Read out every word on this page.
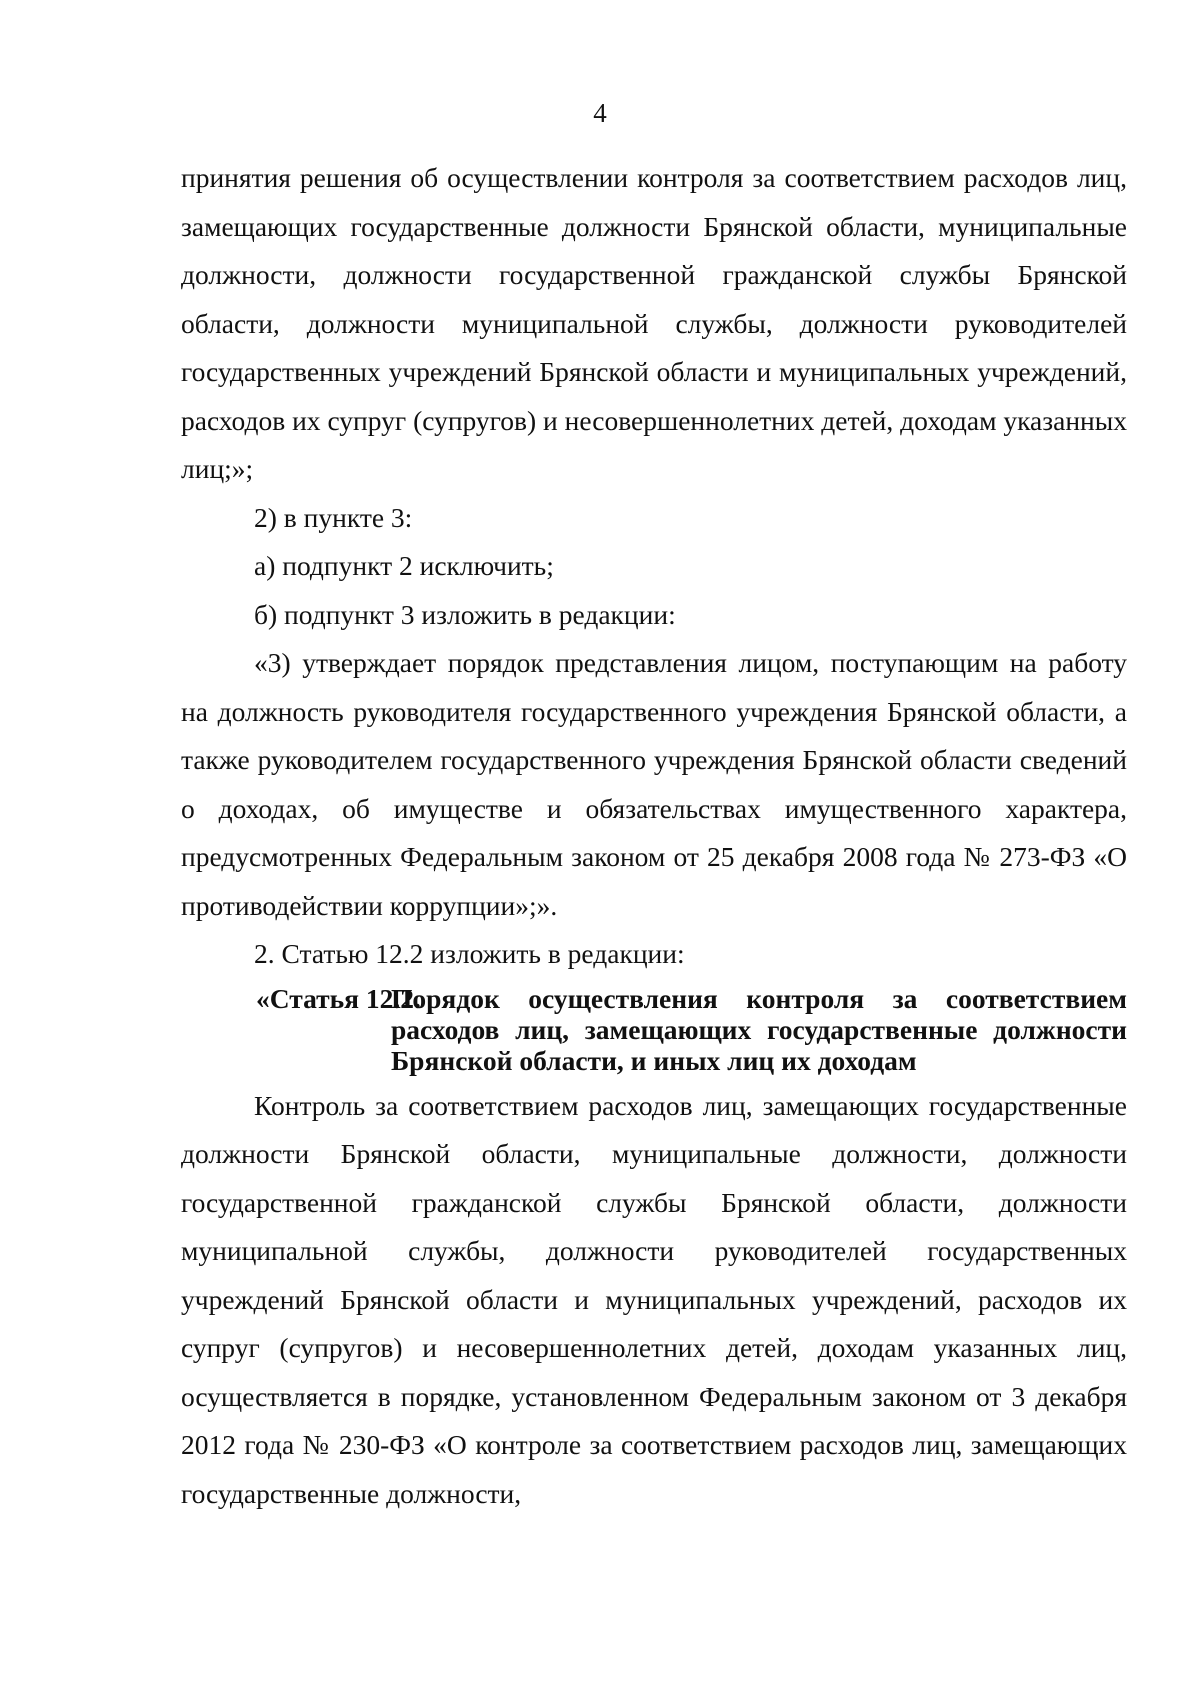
4

принятия решения об осуществлении контроля за соответствием расходов лиц, замещающих государственные должности Брянской области, муниципальные должности, должности государственной гражданской службы Брянской области, должности муниципальной службы, должности руководителей государственных учреждений Брянской области и муниципальных учреждений, расходов их супруг (супругов) и несовершеннолетних детей, доходам указанных лиц;»;

2) в пункте 3:

а) подпункт 2 исключить;

б) подпункт 3 изложить в редакции:

«3) утверждает порядок представления лицом, поступающим на работу на должность руководителя государственного учреждения Брянской области, а также руководителем государственного учреждения Брянской области сведений о доходах, об имуществе и обязательствах имущественного характера, предусмотренных Федеральным законом от 25 декабря 2008 года № 273-ФЗ «О противодействии коррупции»;».

2. Статью 12.2 изложить в редакции:

«Статья 12.2.
Порядок осуществления контроля за соответствием расходов лиц, замещающих государственные должности Брянской области, и иных лиц их доходам

Контроль за соответствием расходов лиц, замещающих государственные должности Брянской области, муниципальные должности, должности государственной гражданской службы Брянской области, должности муниципальной службы, должности руководителей государственных учреждений Брянской области и муниципальных учреждений, расходов их супруг (супругов) и несовершеннолетних детей, доходам указанных лиц, осуществляется в порядке, установленном Федеральным законом от 3 декабря 2012 года № 230-ФЗ «О контроле за соответствием расходов лиц, замещающих государственные должности,
